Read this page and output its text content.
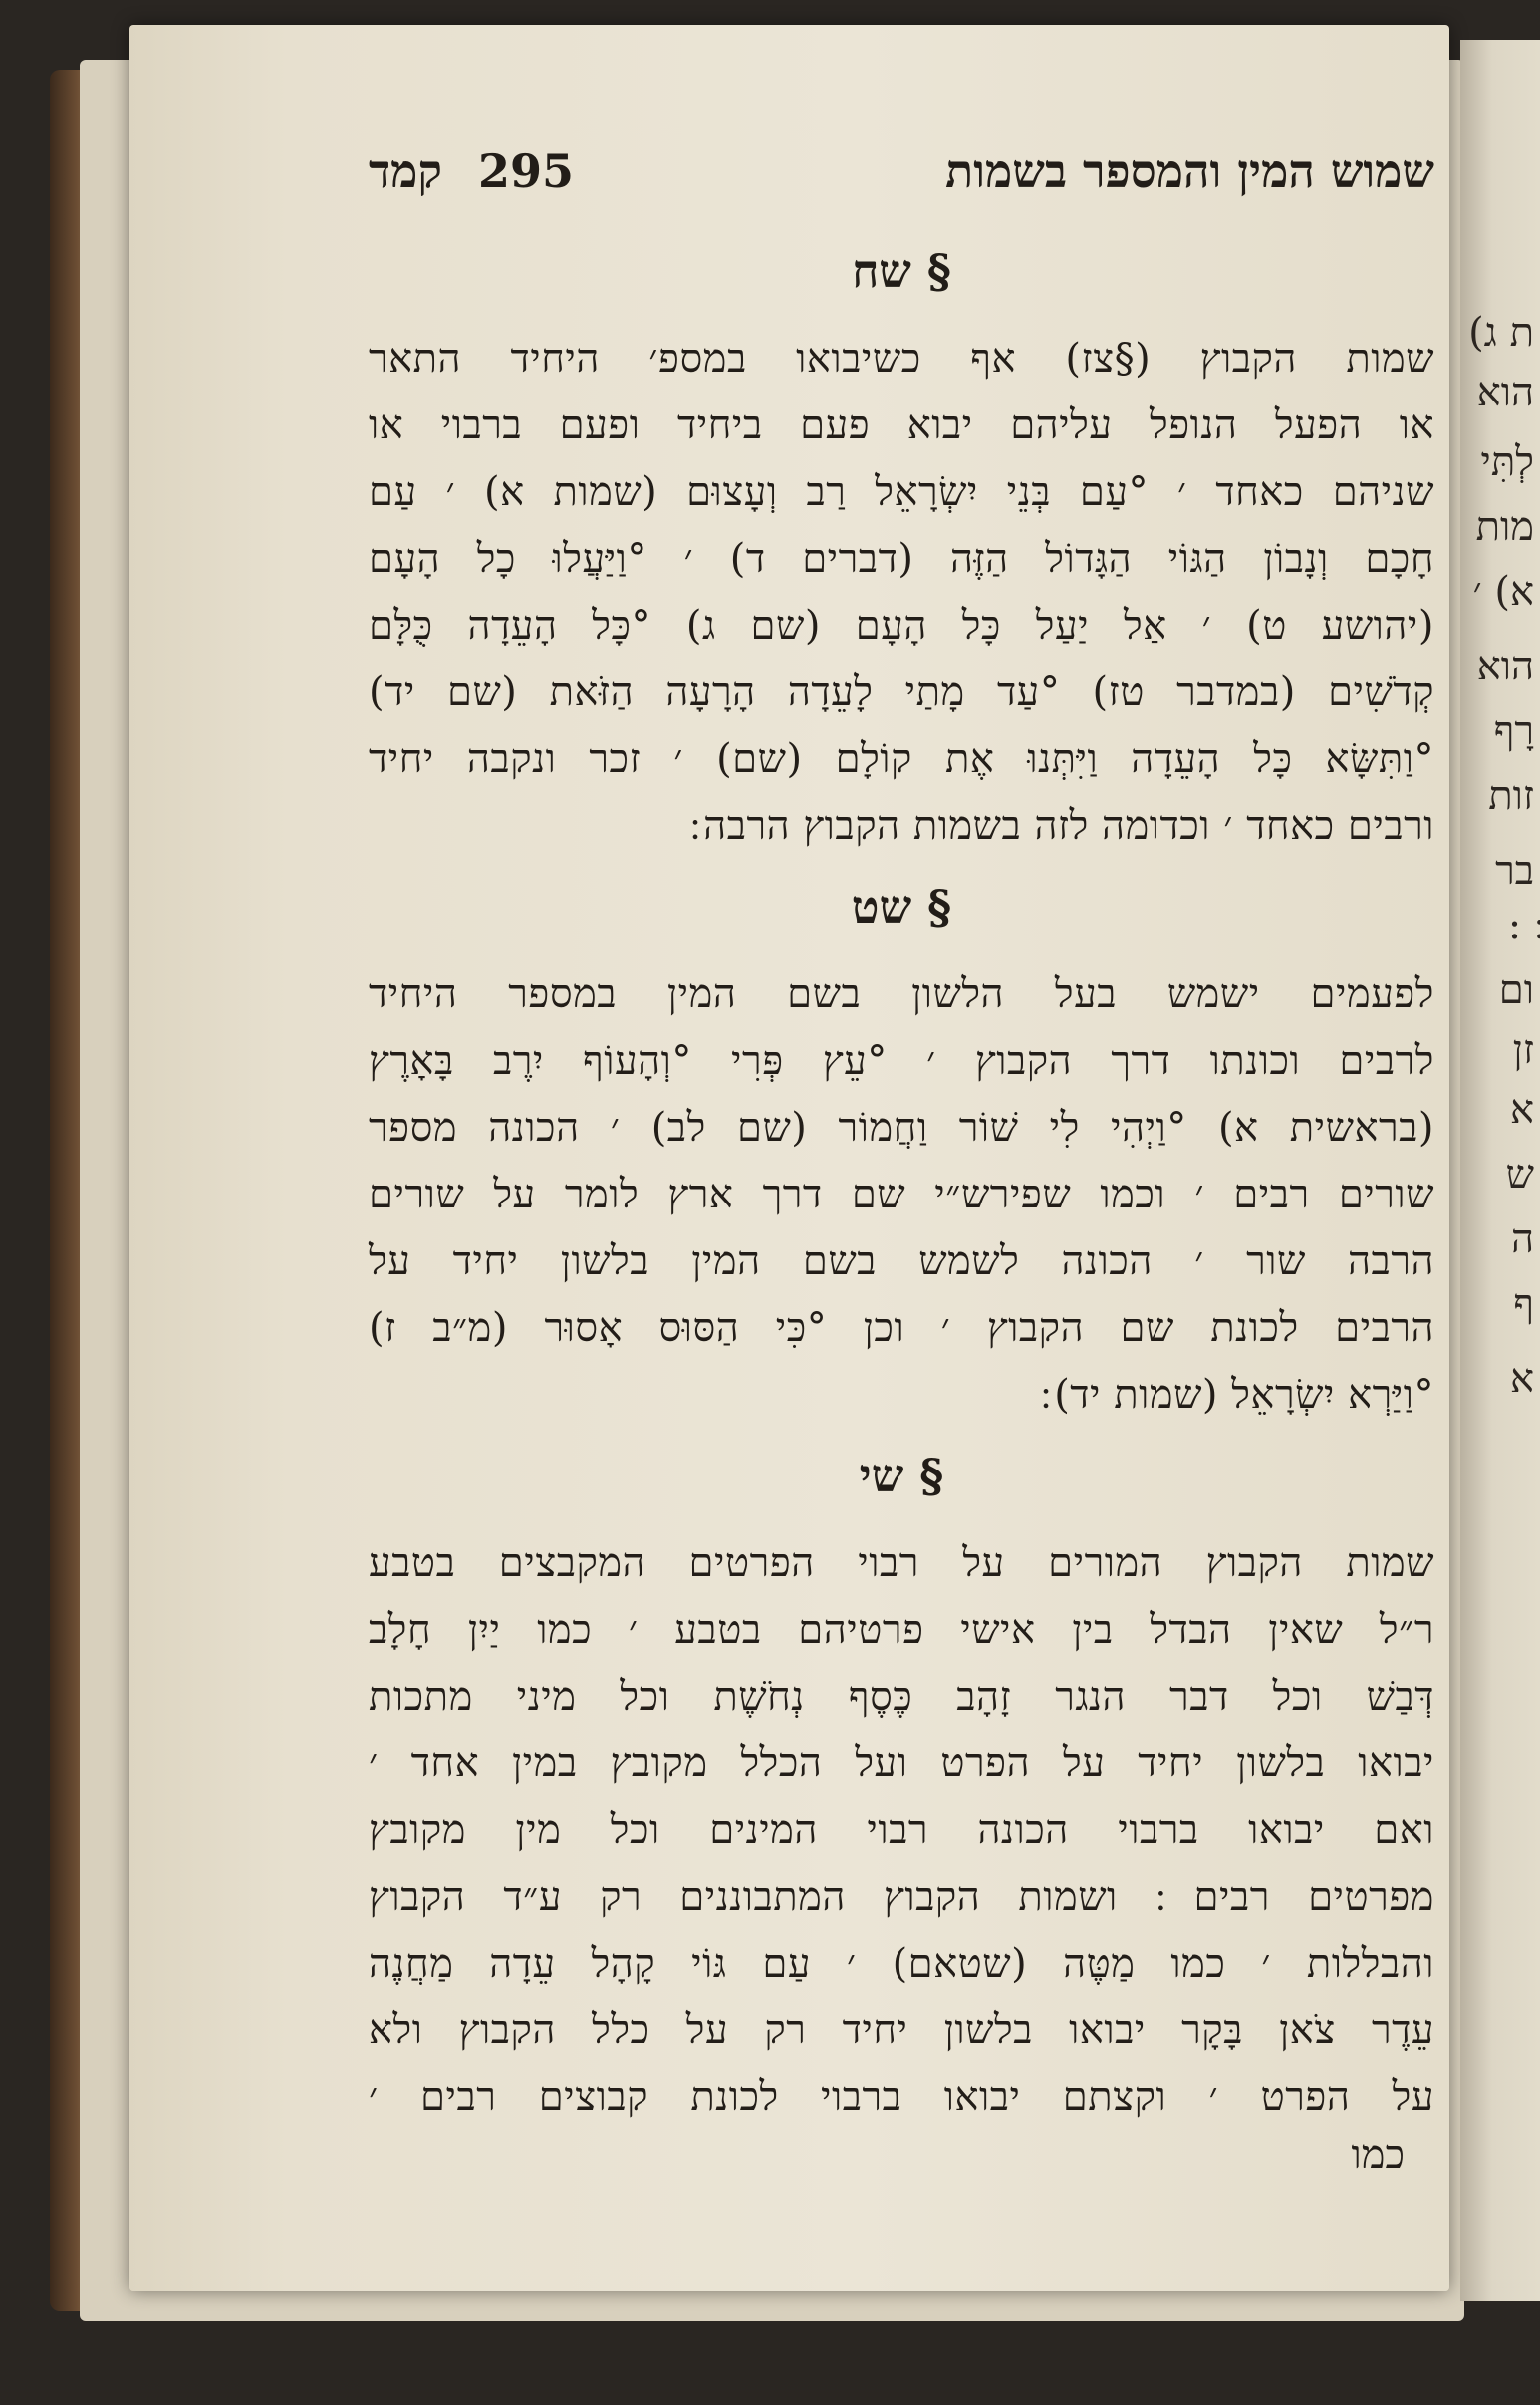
ת ג)
הוא
לְתִּי
מות
א) ׳
הוא
רָף
זות
בר
׃ :
ום
זן
א
ש
ה
ף
א
שמוש המין והמספר בשמות
295
קמד
§ שח
שמות הקבוץ (§צז) אף כשיבואו במספ׳ היחיד התאר
או הפעל הנופל עליהם יבוא פעם ביחיד ופעם ברבוי או
שניהם כאחד ׳ °עַם בְּנֵי יִשְׂרָאֵל רַב וְעָצוּם (שמות א) ׳ עַם
חָכָם וְנָבוֹן הַגּוֹי הַגָּדוֹל הַזֶּה (דברים ד) ׳ °וַיַּעֲלוּ כָל הָעָם
(יהושע ט) ׳ אַל יַעַל כָּל הָעָם (שם ג) °כָּל הָעֵדָה כֻּלָּם
קְדֹשִׁים (במדבר טז) °עַד מָתַי לָעֵדָה הָרָעָה הַזֹּאת (שם יד)
°וַתִּשָּׂא כָּל הָעֵדָה וַיִּתְּנוּ אֶת קוֹלָם (שם) ׳ זכר ונקבה יחיד
ורבים כאחד ׳ וכדומה לזה בשמות הקבוץ הרבה ׃
§ שט
לפעמים ישמש בעל הלשון בשם המין במספר היחיד
לרבים וכונתו דרך הקבוץ ׳ °עֵץ פְּרִי °וְהָעוֹף יִרֶב בָּאָרֶץ
(בראשית א) °וַיְהִי לִי שׁוֹר וַחֲמוֹר (שם לב) ׳ הכונה מספר
שורים רבים ׳ וכמו שפירש״י שם דרך ארץ לומר על שורים
הרבה שור ׳ הכונה לשמש בשם המין בלשון יחיד על
הרבים לכונת שם הקבוץ ׳ וכן °כִּי הַסּוּס אָסוּר (מ״ב ז)
°וַיַּרְא יִשְׂרָאֵל (שמות יד) ׃
§ שי
שמות הקבוץ המורים על רבוי הפרטים המקבצים בטבע
ר״ל שאין הבדל בין אישי פרטיהם בטבע ׳ כמו יַיִן חָלָב
דְּבַשׁ וכל דבר הנגר זָהָב כֶּסֶף נְחֹשֶׁת וכל מיני מתכות
יבואו בלשון יחיד על הפרט ועל הכלל מקובץ במין אחד ׳
ואם יבואו ברבוי הכונה רבוי המינים וכל מין מקובץ
מפרטים רבים ׃ ושמות הקבוץ המתבוננים רק ע״ד הקבוץ
והבללות ׳ כמו מַטֶּה (שטאם) ׳ עַם גּוֹי קָהָל עֵדָה מַחֲנֶה
עֵדֶר צֹאן בָּקָר יבואו בלשון יחיד רק על כלל הקבוץ ולא
על הפרט ׳ וקצתם יבואו ברבוי לכונת קבוצים רבים ׳
כמו
